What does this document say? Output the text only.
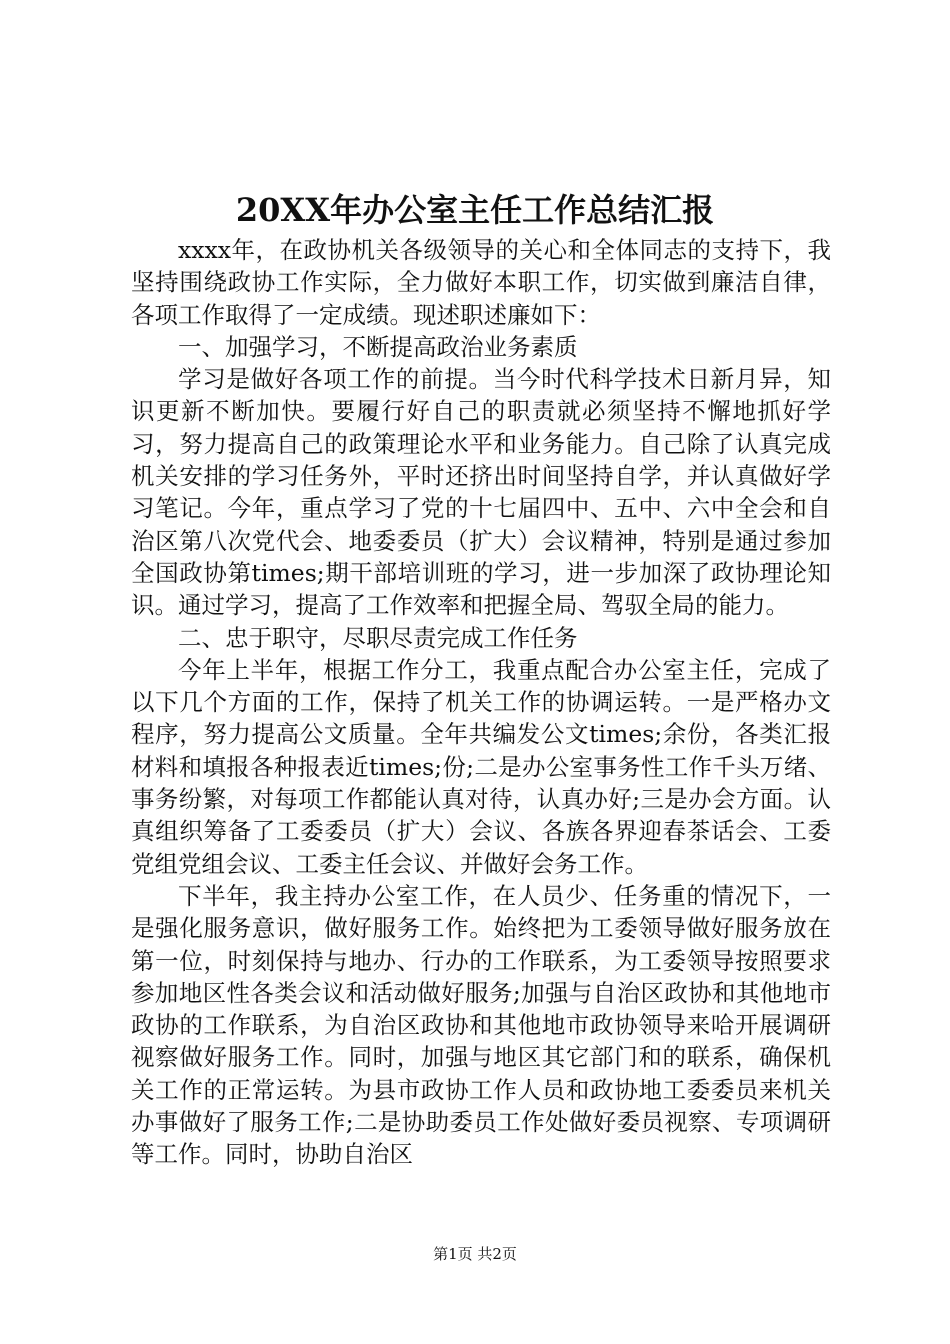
20XX年办公室主任工作总结汇报

xxxx年，在政协机关各级领导的关心和全体同志的支持下，我坚持围绕政协工作实际，全力做好本职工作，切实做到廉洁自律，各项工作取得了一定成绩。现述职述廉如下：

一、加强学习，不断提高政治业务素质

学习是做好各项工作的前提。当今时代科学技术日新月异，知识更新不断加快。要履行好自己的职责就必须坚持不懈地抓好学习，努力提高自己的政策理论水平和业务能力。自己除了认真完成机关安排的学习任务外，平时还挤出时间坚持自学，并认真做好学习笔记。今年，重点学习了党的十七届四中、五中、六中全会和自治区第八次党代会、地委委员（扩大）会议精神，特别是通过参加全国政协第times;期干部培训班的学习，进一步加深了政协理论知识。通过学习，提高了工作效率和把握全局、驾驭全局的能力。

二、忠于职守，尽职尽责完成工作任务

今年上半年，根据工作分工，我重点配合办公室主任，完成了以下几个方面的工作，保持了机关工作的协调运转。一是严格办文程序，努力提高公文质量。全年共编发公文times;余份，各类汇报材料和填报各种报表近times;份;二是办公室事务性工作千头万绪、事务纷繁，对每项工作都能认真对待，认真办好;三是办会方面。认真组织筹备了工委委员（扩大）会议、各族各界迎春茶话会、工委党组党组会议、工委主任会议、并做好会务工作。

下半年，我主持办公室工作，在人员少、任务重的情况下，一是强化服务意识，做好服务工作。始终把为工委领导做好服务放在第一位，时刻保持与地办、行办的工作联系，为工委领导按照要求参加地区性各类会议和活动做好服务;加强与自治区政协和其他地市政协的工作联系，为自治区政协和其他地市政协领导来哈开展调研视察做好服务工作。同时，加强与地区其它部门和的联系，确保机关工作的正常运转。为县市政协工作人员和政协地工委委员来机关办事做好了服务工作;二是协助委员工作处做好委员视察、专项调研等工作。同时，协助自治区

第1页 共2页
